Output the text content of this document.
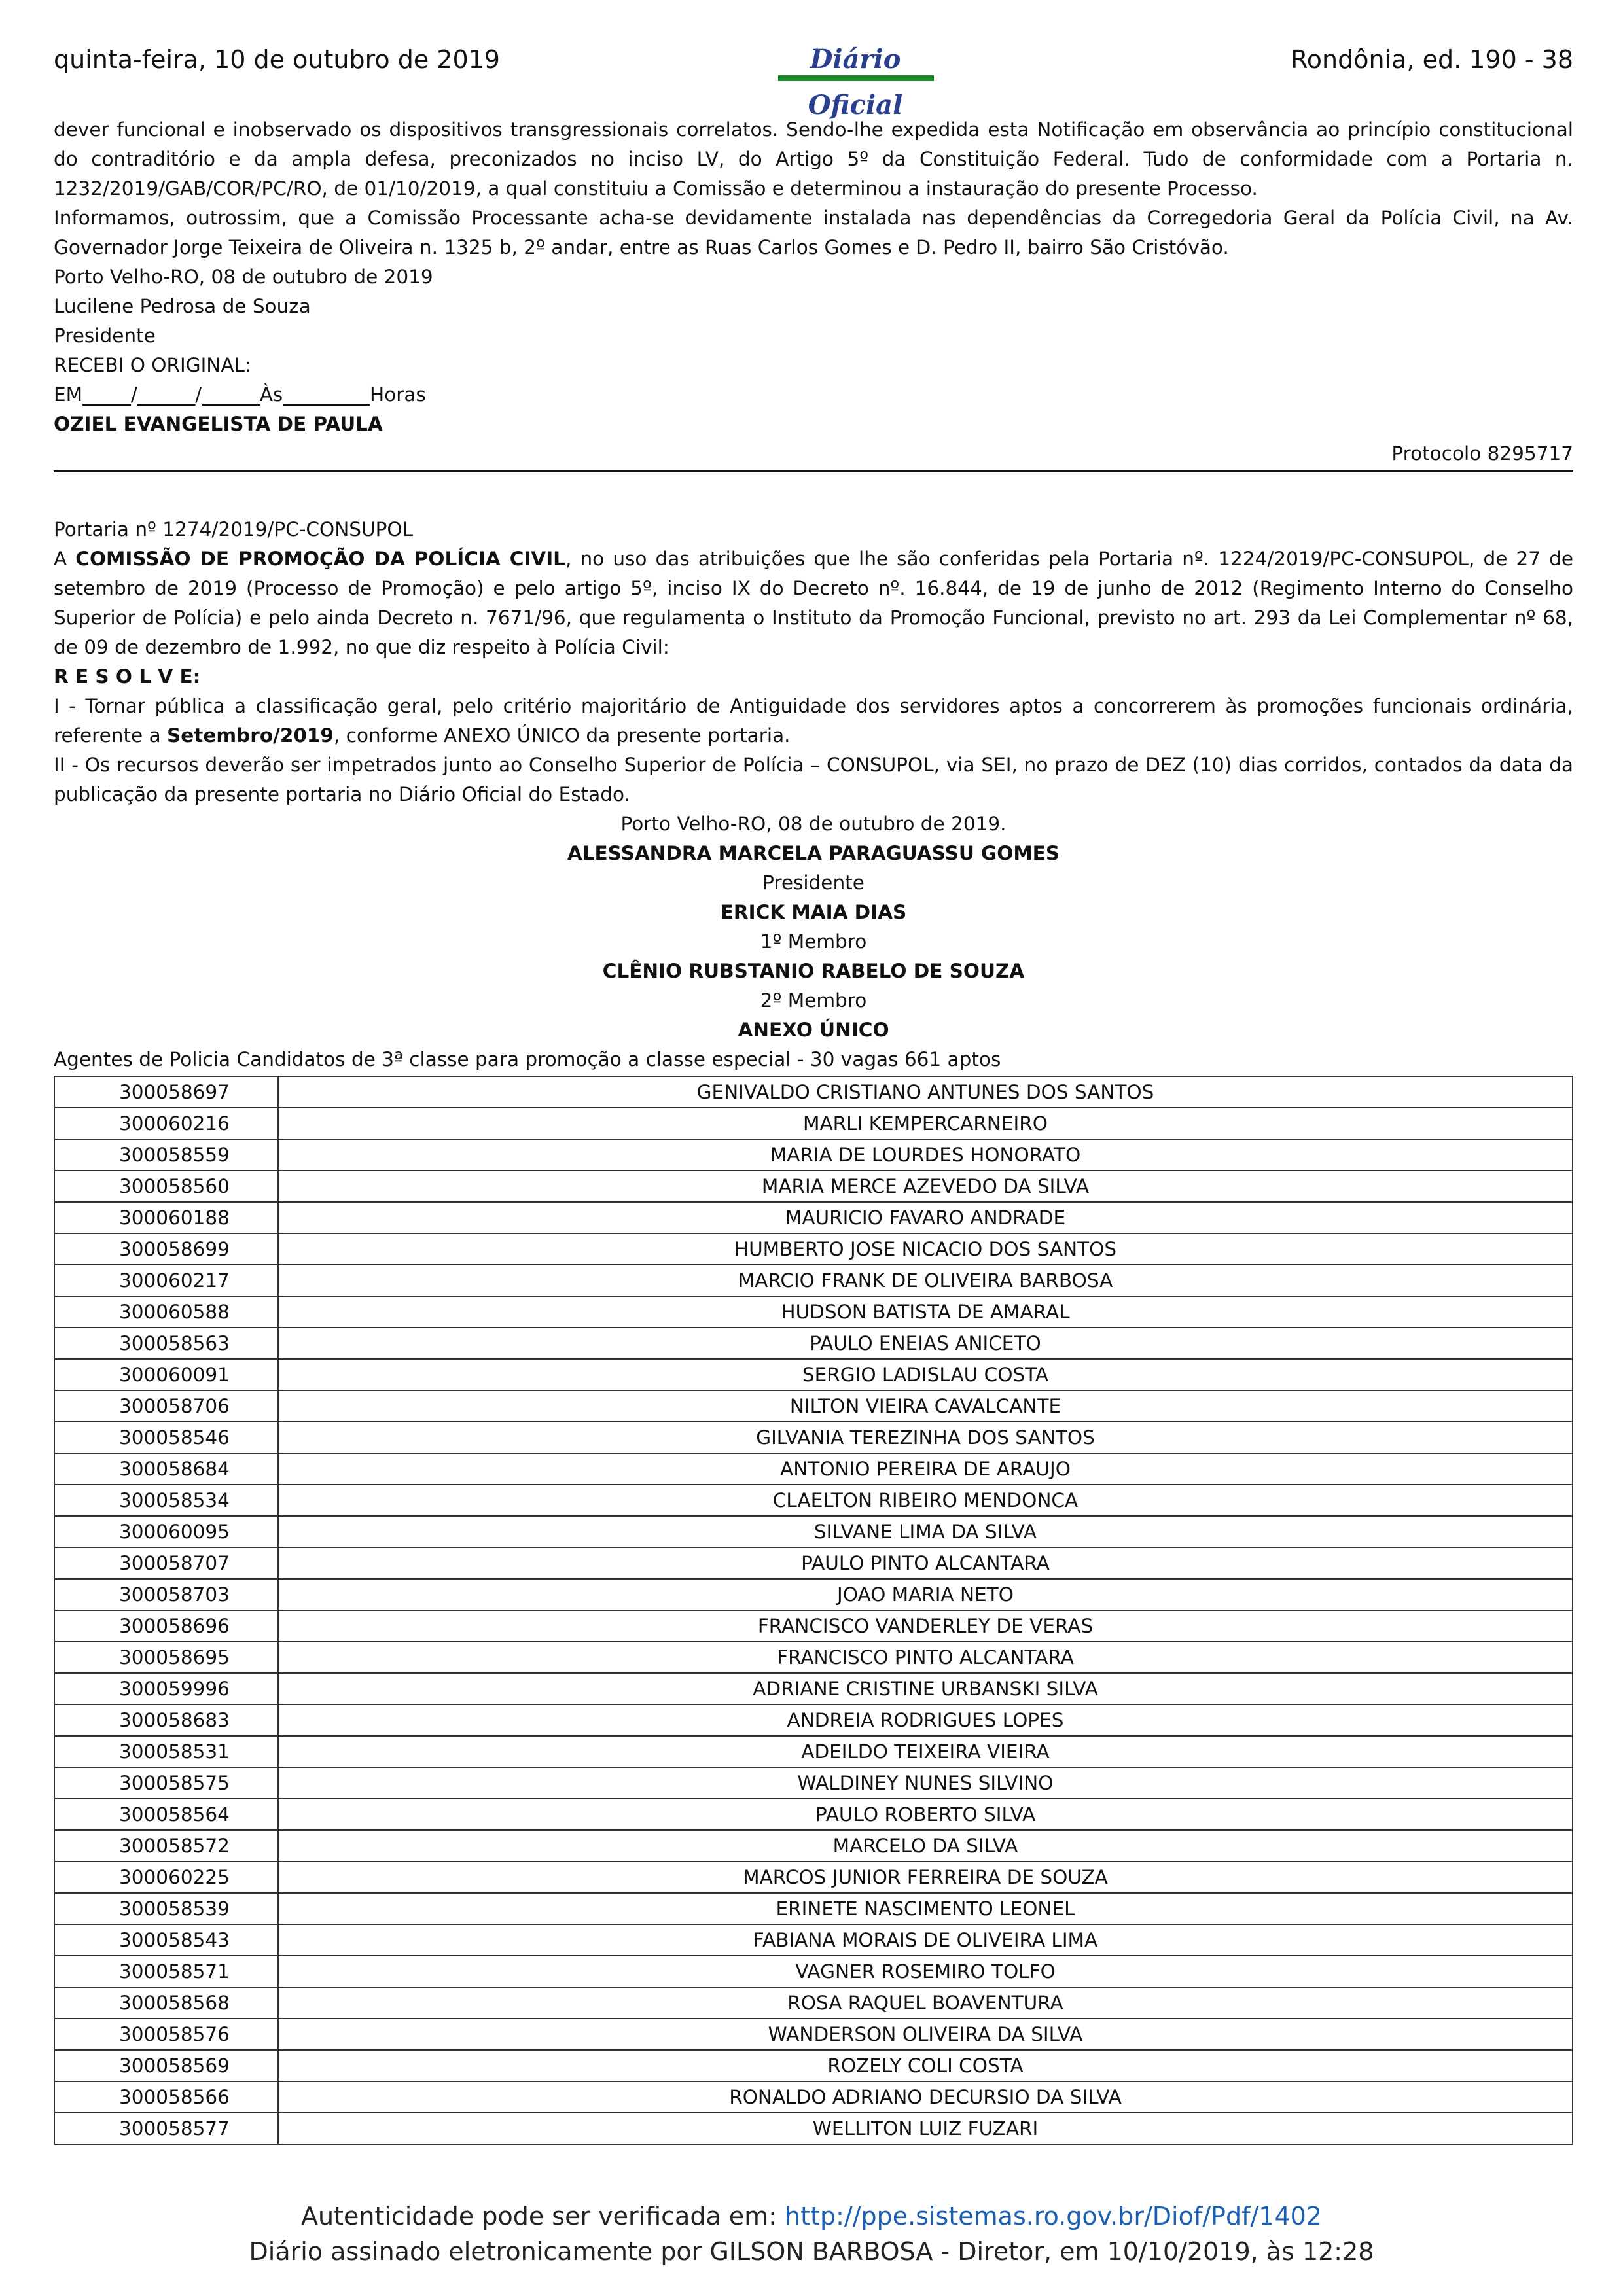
quinta-feira, 10 de outubro de 2019	Diário Oficial
Rondônia, ed. 190 - 38

dever funcional e inobservado os dispositivos transgressionais correlatos. Sendo-lhe expedida esta Notificação em observância ao princípio constitucional do contraditório e da ampla defesa, preconizados no inciso LV, do Artigo 5º da Constituição Federal. Tudo de conformidade com a Portaria n. 1232/2019/GAB/COR/PC/RO, de 01/10/2019, a qual constituiu a Comissão e determinou a instauração do presente Processo.

Informamos, outrossim, que a Comissão Processante acha-se devidamente instalada nas dependências da Corregedoria Geral da Polícia Civil, na Av. Governador Jorge Teixeira de Oliveira n. 1325 b, 2º andar, entre as Ruas Carlos Gomes e D. Pedro II, bairro São Cristóvão.

Porto Velho-RO, 08 de outubro de 2019

Lucilene Pedrosa de Souza

Presidente

RECEBI O ORIGINAL:

EM_____/______/______Às_________Horas

OZIEL EVANGELISTA DE PAULA

Protocolo 8295717

Portaria nº 1274/2019/PC-CONSUPOL

A COMISSÃO DE PROMOÇÃO DA POLÍCIA CIVIL, no uso das atribuições que lhe são conferidas pela Portaria nº. 1224/2019/PC-CONSUPOL, de 27 de setembro de 2019 (Processo de Promoção) e pelo artigo 5º, inciso IX do Decreto nº. 16.844, de 19 de junho de 2012 (Regimento Interno do Conselho Superior de Polícia) e pelo ainda Decreto n. 7671/96, que regulamenta o Instituto da Promoção Funcional, previsto no art. 293 da Lei Complementar nº 68, de 09 de dezembro de 1.992, no que diz respeito à Polícia Civil:

R E S O L V E:

I - Tornar pública a classificação geral, pelo critério majoritário de Antiguidade dos servidores aptos a concorrerem às promoções funcionais ordinária, referente a Setembro/2019, conforme ANEXO ÚNICO da presente portaria.

II - Os recursos deverão ser impetrados junto ao Conselho Superior de Polícia – CONSUPOL, via SEI, no prazo de DEZ (10) dias corridos, contados da data da publicação da presente portaria no Diário Oficial do Estado.

Porto Velho-RO, 08 de outubro de 2019.

ALESSANDRA MARCELA PARAGUASSU GOMES

Presidente

ERICK MAIA DIAS

1º Membro

CLÊNIO RUBSTANIO RABELO DE SOUZA

2º Membro

ANEXO ÚNICO

Agentes de Policia Candidatos de 3ª classe para promoção a classe especial - 30 vagas 661 aptos

300058697	GENIVALDO CRISTIANO ANTUNES DOS SANTOS
300060216	MARLI KEMPERCARNEIRO
300058559	MARIA DE LOURDES HONORATO
300058560	MARIA MERCE AZEVEDO DA SILVA
300060188	MAURICIO FAVARO ANDRADE
300058699	HUMBERTO JOSE NICACIO DOS SANTOS
300060217	MARCIO FRANK DE OLIVEIRA BARBOSA
300060588	HUDSON BATISTA DE AMARAL
300058563	PAULO ENEIAS ANICETO
300060091	SERGIO LADISLAU COSTA
300058706	NILTON VIEIRA CAVALCANTE
300058546	GILVANIA TEREZINHA DOS SANTOS
300058684	ANTONIO PEREIRA DE ARAUJO
300058534	CLAELTON RIBEIRO MENDONCA
300060095	SILVANE LIMA DA SILVA
300058707	PAULO PINTO ALCANTARA
300058703	JOAO MARIA NETO
300058696	FRANCISCO VANDERLEY DE VERAS
300058695	FRANCISCO PINTO ALCANTARA
300059996	ADRIANE CRISTINE URBANSKI SILVA
300058683	ANDREIA RODRIGUES LOPES
300058531	ADEILDO TEIXEIRA VIEIRA
300058575	WALDINEY NUNES SILVINO
300058564	PAULO ROBERTO SILVA
300058572	MARCELO DA SILVA
300060225	MARCOS JUNIOR FERREIRA DE SOUZA
300058539	ERINETE NASCIMENTO LEONEL
300058543	FABIANA MORAIS DE OLIVEIRA LIMA
300058571	VAGNER ROSEMIRO TOLFO
300058568	ROSA RAQUEL BOAVENTURA
300058576	WANDERSON OLIVEIRA DA SILVA
300058569	ROZELY COLI COSTA
300058566	RONALDO ADRIANO DECURSIO DA SILVA
300058577	WELLITON LUIZ FUZARI
Autenticidade pode ser verificada em: http://ppe.sistemas.ro.gov.br/Diof/Pdf/1402
Diário assinado eletronicamente por GILSON BARBOSA - Diretor, em 10/10/2019, às 12:28
